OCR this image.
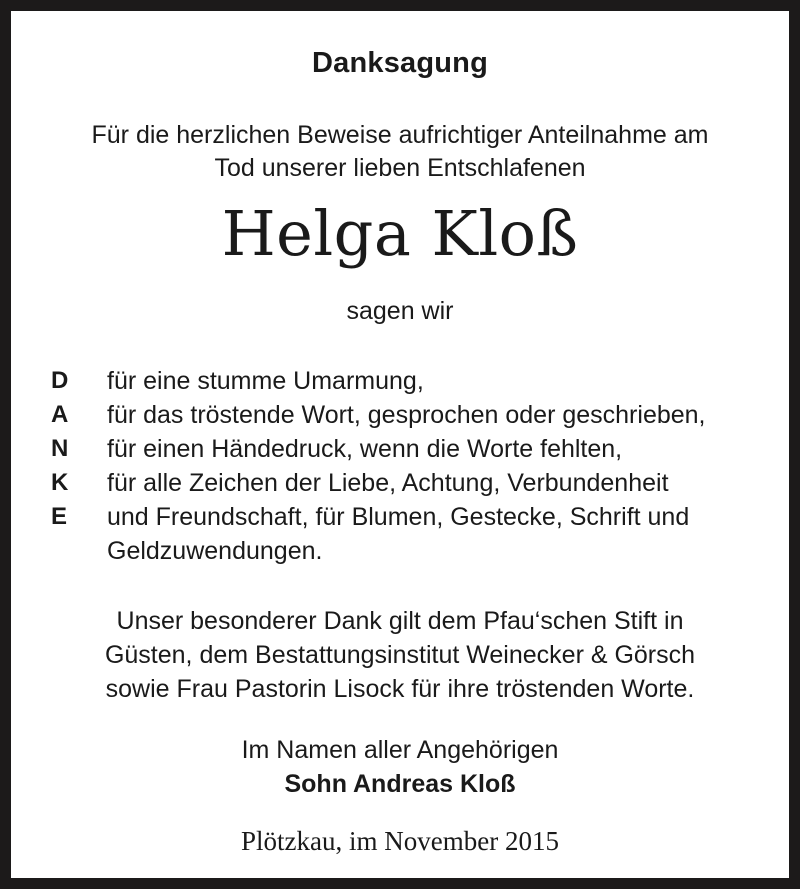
Danksagung
Für die herzlichen Beweise aufrichtiger Anteilnahme am
Tod unserer lieben Entschlafenen
Helga Kloß
sagen wir
D für eine stumme Umarmung,
A für das tröstende Wort, gesprochen oder geschrieben,
N für einen Händedruck, wenn die Worte fehlten,
K für alle Zeichen der Liebe, Achtung, Verbundenheit
E und Freundschaft, für Blumen, Gestecke, Schrift und
Geldzuwendungen.
Unser besonderer Dank gilt dem Pfau‘schen Stift in
Güsten, dem Bestattungsinstitut Weinecker & Görsch
sowie Frau Pastorin Lisock für ihre tröstenden Worte.
Im Namen aller Angehörigen
Sohn Andreas Kloß
Plötzkau, im November 2015
